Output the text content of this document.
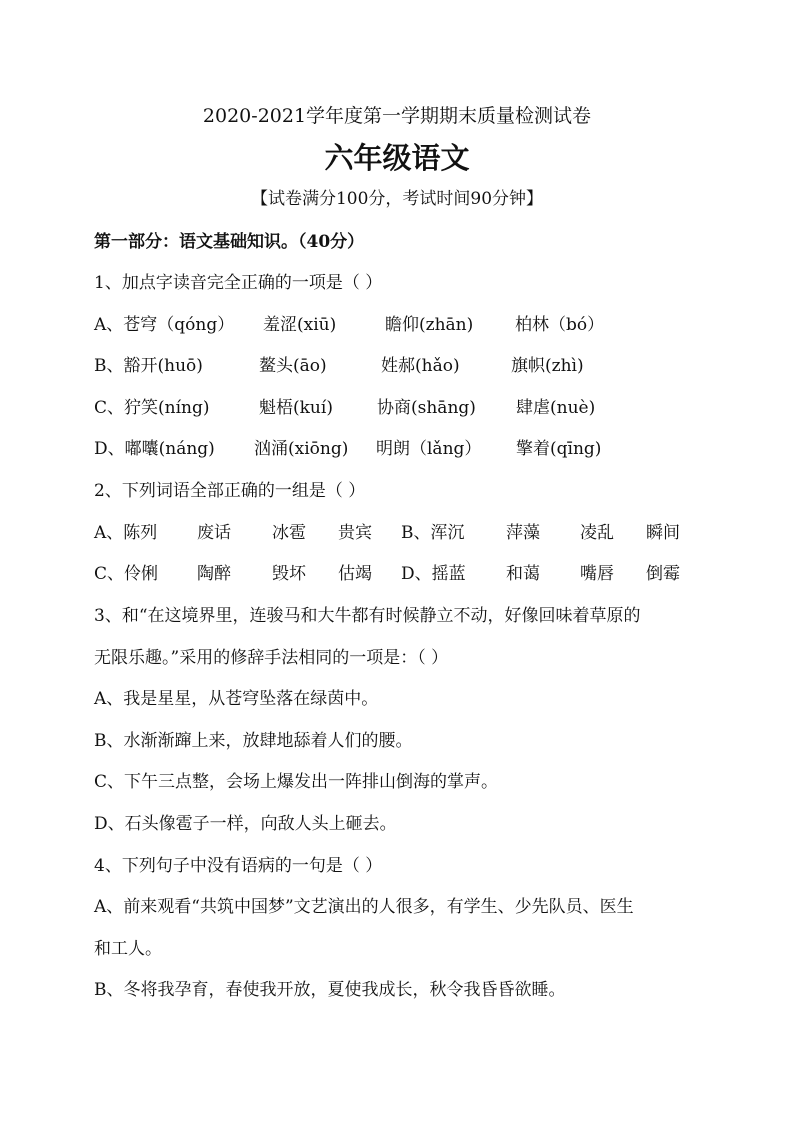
2020-2021学年度第一学期期末质量检测试卷
六年级语文
【试卷满分100分，考试时间90分钟】
第一部分：语文基础知识。（40分）
1、加点字读音完全正确的一项是（ ）
A、苍穹（qóng） 羞涩(xiū)	瞻仰(zhān) 柏林（bó）
B、豁开(huō)	鳌头(āo)	姓郝(hǎo)	旗帜(zhì)
C、狞笑(níng)	魁梧(kuí)	协商(shāng) 肆虐(nuè)
D、嘟囔(náng) 汹涌(xiōng) 明朗（lǎng） 擎着(qīng)
2、下列词语全部正确的一组是（ ）
A、陈列 废话 冰雹 贵宾 B、浑沉 萍藻 凌乱 瞬间
C、伶俐 陶醉 毁坏 估竭 D、摇蓝 和蔼 嘴唇 倒霉
3、和“在这境界里，连骏马和大牛都有时候静立不动，好像回味着草原的
无限乐趣。”采用的修辞手法相同的一项是：（ ）
A、我是星星，从苍穹坠落在绿茵中。
B、水渐渐蹿上来，放肆地舔着人们的腰。
C、下午三点整，会场上爆发出一阵排山倒海的掌声。
D、石头像雹子一样，向敌人头上砸去。
4、下列句子中没有语病的一句是（ ）
A、前来观看“共筑中国梦”文艺演出的人很多，有学生、少先队员、医生
和工人。
B、冬将我孕育，春使我开放，夏使我成长，秋令我昏昏欲睡。
